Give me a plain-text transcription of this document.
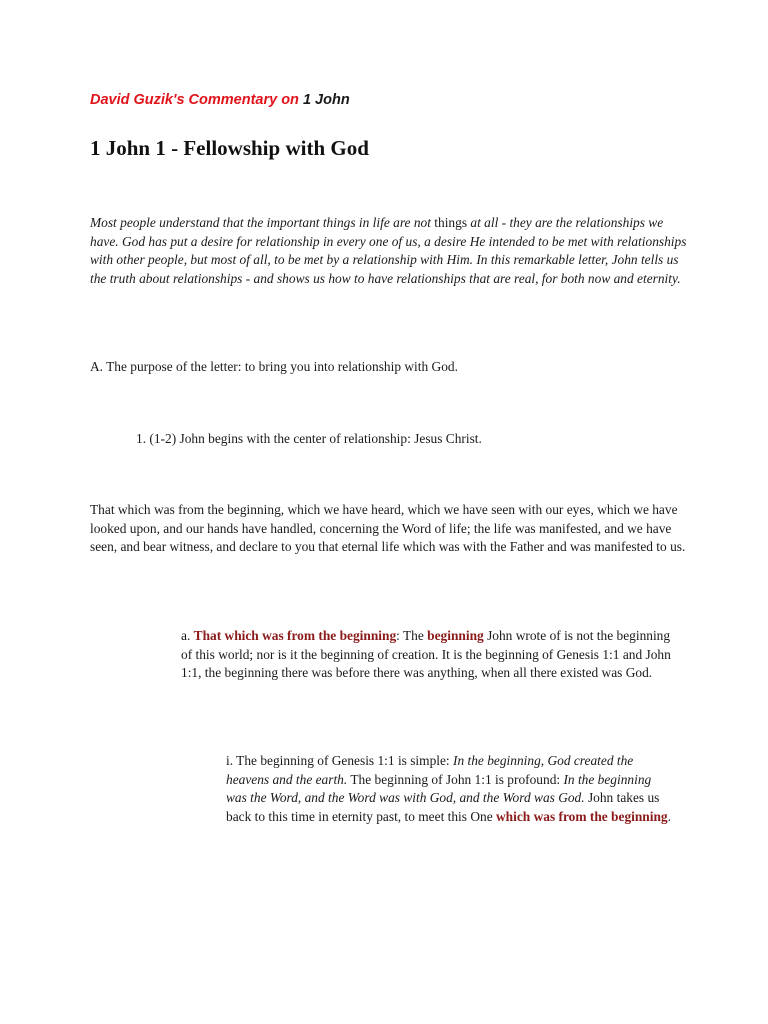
David Guzik's Commentary on 1 John
1 John 1 - Fellowship with God

Most people understand that the important things in life are not things at all - they are the relationships we have. God has put a desire for relationship in every one of us, a desire He intended to be met with relationships with other people, but most of all, to be met by a relationship with Him. In this remarkable letter, John tells us the truth about relationships - and shows us how to have relationships that are real, for both now and eternity.

A. The purpose of the letter: to bring you into relationship with God.

1. (1-2) John begins with the center of relationship: Jesus Christ.

That which was from the beginning, which we have heard, which we have seen with our eyes, which we have looked upon, and our hands have handled, concerning the Word of life; the life was manifested, and we have seen, and bear witness, and declare to you that eternal life which was with the Father and was manifested to us.

a. That which was from the beginning: The beginning John wrote of is not the beginning of this world; nor is it the beginning of creation. It is the beginning of Genesis 1:1 and John 1:1, the beginning there was before there was anything, when all there existed was God.

i. The beginning of Genesis 1:1 is simple: In the beginning, God created the heavens and the earth. The beginning of John 1:1 is profound: In the beginning was the Word, and the Word was with God, and the Word was God. John takes us back to this time in eternity past, to meet this One which was from the beginning.
